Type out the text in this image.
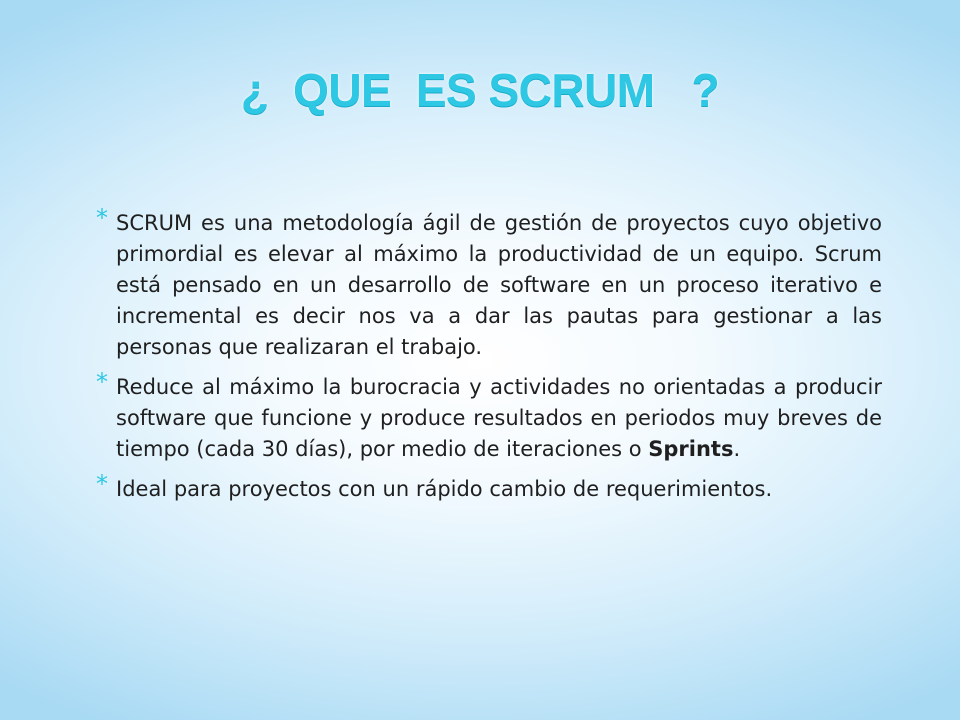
¿  QUE  ES SCRUM   ?
* SCRUM es una metodología ágil de gestión de proyectos cuyo objetivo primordial es elevar al máximo la productividad de un equipo. Scrum está pensado en un desarrollo de software en un proceso iterativo e incremental es decir nos va a dar las pautas para gestionar a las personas que realizaran el trabajo.
* Reduce al máximo la burocracia y actividades no orientadas a producir software que funcione y produce resultados en periodos muy breves de tiempo (cada 30 días), por medio de iteraciones o Sprints.
* Ideal para proyectos con un rápido cambio de requerimientos.
